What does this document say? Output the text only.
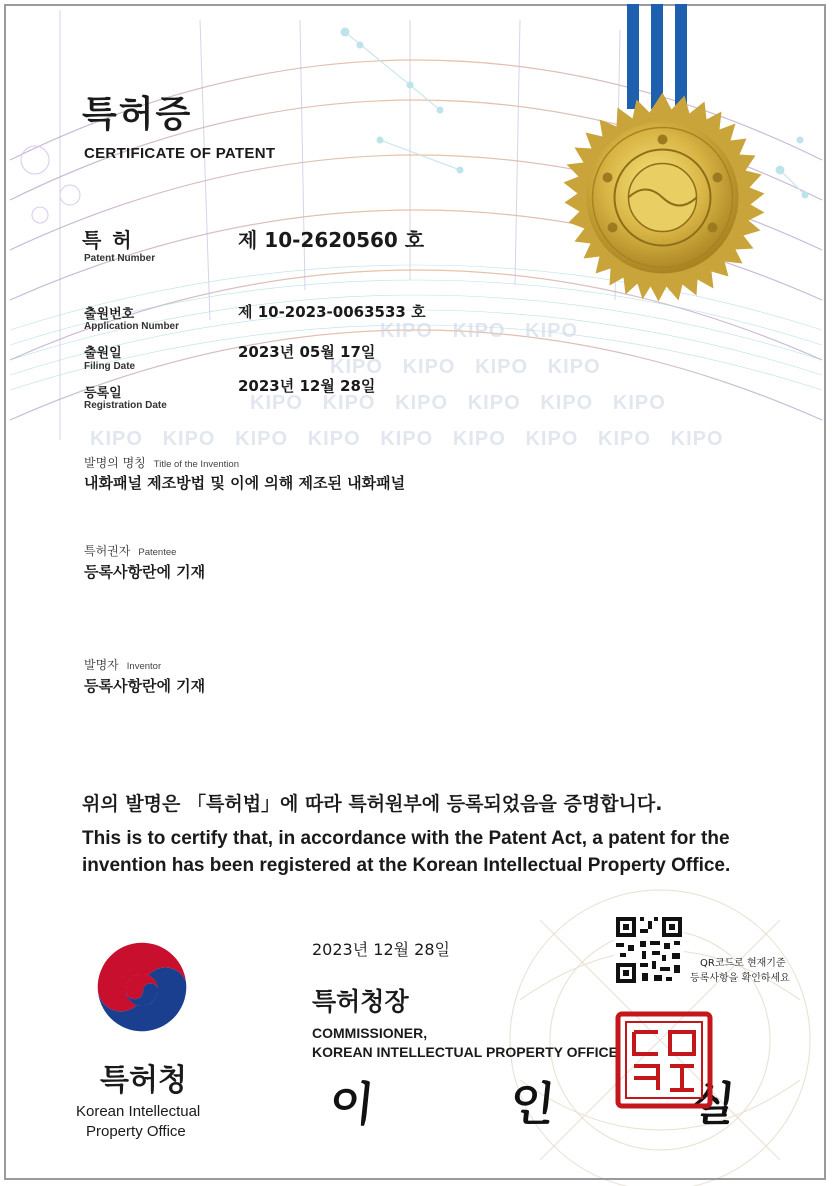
KIPO KIPO KIPO
KIPO KIPO KIPO KIPO
KIPO KIPO KIPO KIPO KIPO KIPO
KIPO KIPO KIPO KIPO KIPO KIPO KIPO KIPO KIPO
특허증
CERTIFICATE OF PATENT
특 허
Patent Number
제 10-2620560 호
출원번호
Application Number
제 10-2023-0063533 호
출원일
Filing Date
2023년 05월 17일
등록일
Registration Date
2023년 12월 28일
발명의 명칭 Title of the Invention
내화패널 제조방법 및 이에 의해 제조된 내화패널
특허권자 Patentee
등록사항란에 기재
발명자 Inventor
등록사항란에 기재
위의 발명은 「특허법」에 따라 특허원부에 등록되었음을 증명합니다.
This is to certify that, in accordance with the Patent Act, a patent for the
invention has been registered at the Korean Intellectual Property Office.
2023년 12월 28일
QR코드로 현재기준
등록사항을 확인하세요
특허청장
COMMISSIONER,
KOREAN INTELLECTUAL PROPERTY OFFICE
이 인 실
특허청
Korean Intellectual
Property Office
